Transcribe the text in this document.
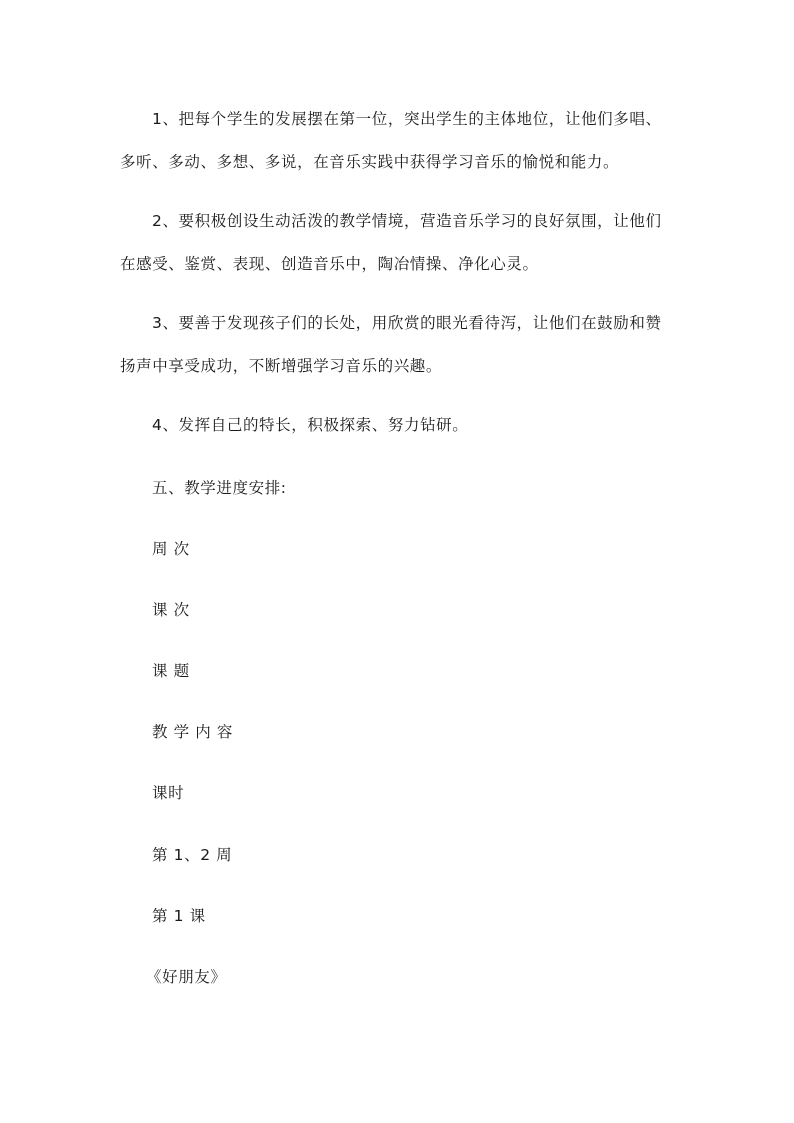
1、把每个学生的发展摆在第一位，突出学生的主体地位，让他们多唱、多听、多动、多想、多说，在音乐实践中获得学习音乐的愉悦和能力。

2、要积极创设生动活泼的教学情境，营造音乐学习的良好氛围，让他们在感受、鉴赏、表现、创造音乐中，陶冶情操、净化心灵。

3、要善于发现孩子们的长处，用欣赏的眼光看待泻，让他们在鼓励和赞扬声中享受成功，不断增强学习音乐的兴趣。

4、发挥自己的特长，积极探索、努力钻研。

五、教学进度安排:

周 次

课 次

课 题

教 学 内 容

课时

第 1、2 周

第 1 课

《好朋友》
